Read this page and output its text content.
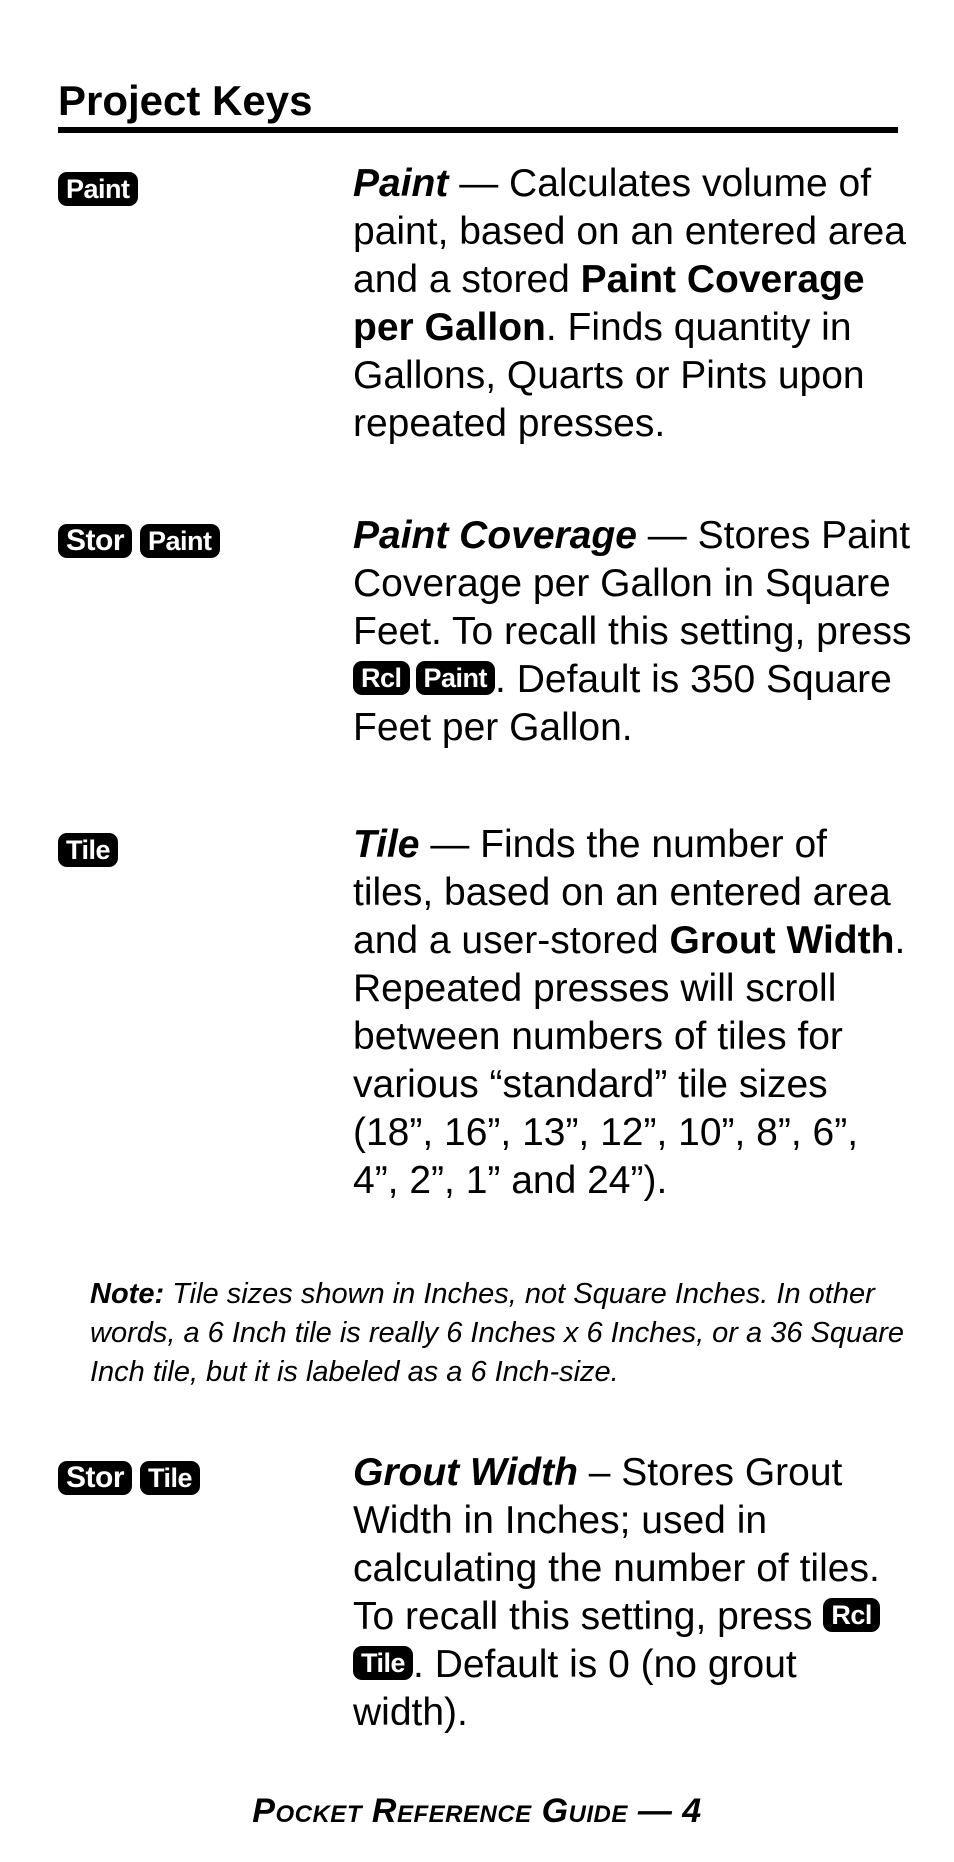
Project Keys
Paint	Paint — Calculates volume of paint, based on an entered area and a stored Paint Coverage per Gallon. Finds quantity in Gallons, Quarts or Pints upon repeated presses.
Stor Paint	Paint Coverage — Stores Paint Coverage per Gallon in Square Feet. To recall this setting, press Rcl Paint . Default is 350 Square Feet per Gallon.
Tile	Tile — Finds the number of tiles, based on an entered area and a user-stored Grout Width. Repeated presses will scroll between numbers of tiles for various “standard” tile sizes (18”, 16”, 13”, 12”, 10”, 8”, 6”, 4”, 2”, 1” and 24”).
Note: Tile sizes shown in Inches, not Square Inches. In other words, a 6 Inch tile is really 6 Inches x 6 Inches, or a 36 Square Inch tile, but it is labeled as a 6 Inch-size.
Stor Tile	Grout Width – Stores Grout Width in Inches; used in calculating the number of tiles. To recall this setting, press RclTile . Default is 0 (no grout width).
Pocket Reference Guide — 4
